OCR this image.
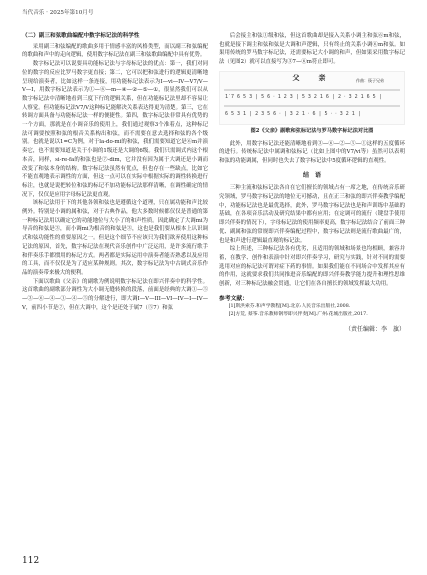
当代音乐 · 2025年第10月号
（二）副三和弦歌曲编配中数字标记法的科学性

采用副三和弦编配的歌曲多用于情感丰富的风格类型，而以副三和弦编配的歌曲和声中的走向逻辑，使用数字标记法在副三和弦歌曲编配中具有优势。

数字标记法可以说要具功能标记法与字母标记法的优点：第一，我们对同位的数字的反应比罗马数字更直接；第二，它可以把和弦进行的逻辑更清晰地呈现给演奏者，比如这样一条连接，用功能标记法表示为I—vi—IV—V7/V—V—I，用数字标记法表示为①—⑥—m—④—②—⑤—①，很显然我们可以从数字标记法中清晰地看到三度下行的逻辑关系，但在功能标记法里却不容易让人察觉。但功能标记法V7/V这种标记能解决关系表达得更为清楚。第三，它在转调方面具备与功能标记法一样的便捷性。第四，数字标记法非常具有优势的一个方面，那就是在小调音乐的使用上，我们通过观察3个准着点，这种标记法可调要按照和弦的根音关系构出和弦，而不需要在意去选择和弦的各个级别。也就是说以1=C为例，对于la-do-mi的和弦，我们需要知道它是⑥m并演奏它，也不需要知道是关于小调的1级还是大调的6级。我们只需调式内这个根本音，同样，si-re-fa的和弦也是⑦-dim，它并没有因为属于大调还是小调而改变了和弦本身的结构。数字标记法虽然有优点，但也存在一些缺点，比如它不能直观地表示调性的方面，但这一点可以在实际中根据实际的调性转换进行标注，也就是说把转位和弦的标记不加功能标记法那样清晰，在调性确定的情况下，仅仅是应用字母标记法更直观。

该标记法用于下的其他各领和弦也是遵循这个道理，只在属功能和声比较例外。特别是小调的属和弦，对于古典作品，他大多数时候都仅仅是普通的第一种标记法用以确定它的功能地位与大小了的和声性质。因此确定了大调mi为导音的和弦是③，而小调mi为根音的和弦是③，这也是我们要从根本上认识调式和弦功能性的重要原因之一。但是这个细节不应该只为我们欲弃使用这种标记法的原因，首先，数字标记法在现代音乐创作中广泛运用，是许多流行歌手和伴奏乐手都惯用的标记方式。两者都是实际运用中演奏者能否熟悉以及应用的工具，而不仅仅是为了适应某种规则。其次，数字标记法为中古调式音乐作品的演奏带来极大的便利。

下面以歌曲《父亲》的副歌为例说明数字标记法在即兴伴奏中的科学性。这首歌曲的副歌部分调性为大小调无缝转换的段落，前面是经典的大调①—⑤—③—⑥—④—①—④—⑤的分解进行，即大调I—V—III—VI—IV—I—IV—V，前四小节是⑦，但在大调中，这个是还处于属7（⑤7）和弦

后会接主和弦①级和弦，但这首歌曲却是接入关系小调主和弦⑥m和弦，也就是接下调主和弦和弦是大调和声逻辑，只有终止的关系小调⑥m和弦。如果用传统的罗马数字标记法，还需要标记大小调的和声，但如果采用数字标记法（见图2）就可以直接写为③7—⑥m符止即可。

父　亲	作曲：筷子兄弟
1̇ 7 6 5 3 | 5 6 ‧ 1 2 3 | 5 3 2 1 6 | 2 ‧ 3 2 1 6 5 |
6 5 3 1 | 2 3 5 6 ‧ | 3 2 1 ‧ 6 | 5 ‧ ‧ 3 2 1 |
图2《父亲》副歌和弦标记法与罗马数字标记法对比图

此外，用数字标记法还能清晰地看到③—⑥—②—⑤—①这样的五度循环的进行。传统标记法中属调和弦标记（比如上图中的V7/vi等）虽然可以表明和弦的功能调属，但同时也失去了数字标记法中5度循环逻辑的直观性。

结　语

三种主流和弦标记法各自在它们擅长的领域占有一席之地，在传统音乐研究领域，罗马数字标记法的地位无可撼动，且在正三和弦的即兴伴奏教学编配中，功能标记法也是最优选择，此外，罗马数字标记法也是和声训练中基础的基础，在各项音乐活动及研究结果中都有应用；在定调可的流行（键盘手使用即兴伴奏的情况下），字母标记法的使用频率更高，数字标记法结合了前面三种优、副属和弦的常规即兴伴奏编配过程中，数字标记法则是流行歌曲最广的，也是和声进行逻辑最直观的标记法。

综上所述，三种标记法各有优劣，且适用的领域和场景也均相顾，兼容并蓄，在教学、创作和表演中针对即兴伴奏学习，研究与实践，针对不同的需要选用对应的标记法可谓对症下药的事情。如果我们能在不同场合中发挥其应有的作用，这就要求我们共同推进音乐编配的即兴伴奏教学能力提升和理性思维创新，对三种标记法融会贯通，让它们在各自擅长的领域发挥最大功用。

参考文献：

[1]斯洪索芬.和声学教程[M].北京:人民音乐出版社,2008.

[2]方荒, 蔡筝.音乐教师钢琴即兴伴奏[M].广州:花城出版社,2017.

（责任编辑：李　旗）
112
